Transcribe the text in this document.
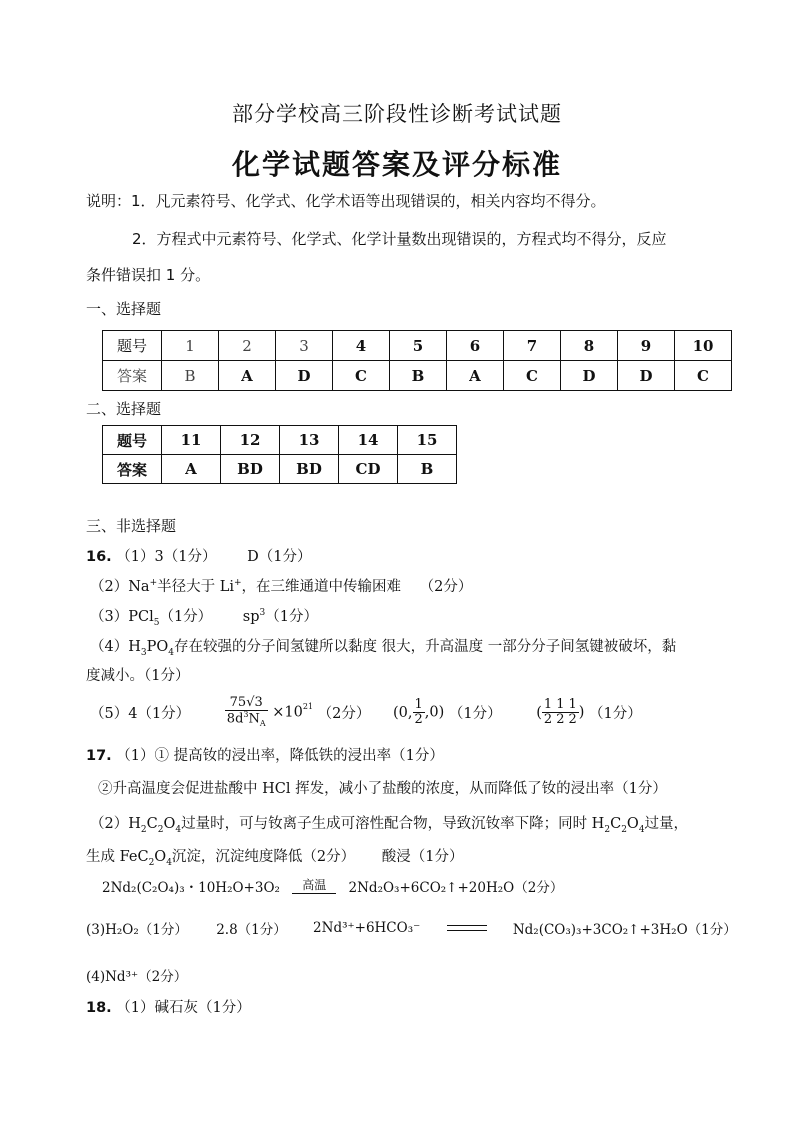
部分学校高三阶段性诊断考试试题
化学试题答案及评分标准
说明：1．凡元素符号、化学式、化学术语等出现错误的，相关内容均不得分。
2．方程式中元素符号、化学式、化学计量数出现错误的，方程式均不得分，反应
条件错误扣 1 分。
一、选择题
题号	1	2	3	4	5	6	7	8	9	10
答案	B	A	D	C	B	A	C	D	D	C
二、选择题
题号	11	12	13	14	15
答案	A	BD	BD	CD	B
三、非选择题
16. （1）3（1分） D（1分）
（2）Na+半径大于 Li+，在三维通道中传输困难 （2分）
（3）PCl$_5$（1分） $sp^3(1$分）
$(4)H_3PO_4$存在较强的分子间氢键所以黏度 很大，升高温度 一部分分子间氢键被破坏，黏
度减小。（1分）
（5）4（1分）	$\frac{75√3}{8d^3N_A} \times 10^{21}$ （2分） (0, $\frac{1}{2} ,0$) （1分） ( $\frac{1}{2} \frac{1}{2} \frac{1}{2}$ ) （1分）
17. （1）① 提高钕的浸出率，降低铁的浸出率（1分）
②升高温度会促进盐酸中 HCl 挥发，减小了盐酸的浓度，从而降低了钕的浸出率（1分）
$(2)H_2C_2O_4$过量时，可与钕离子生成可溶性配合物，导致沉钕率下降；同时 $H_2C_2O_4$过量，
生成 $FeC_2O_4$沉淀，沉淀纯度降低（2分） 酸浸（1分）
2Nd₂(C₂O₄)₃・10H₂O+3O₂	高温	2Nd₂O₃+6CO₂↑+20H₂O（2分）
(3)H₂O₂（1分） 2.8（1分） 2Nd³⁺+6HCO₃⁻	Nd₂(CO₃)₃+3CO₂↑+3H₂O（1分）
(4)Nd³⁺（2分）
18. （1）碱石灰（1分）
